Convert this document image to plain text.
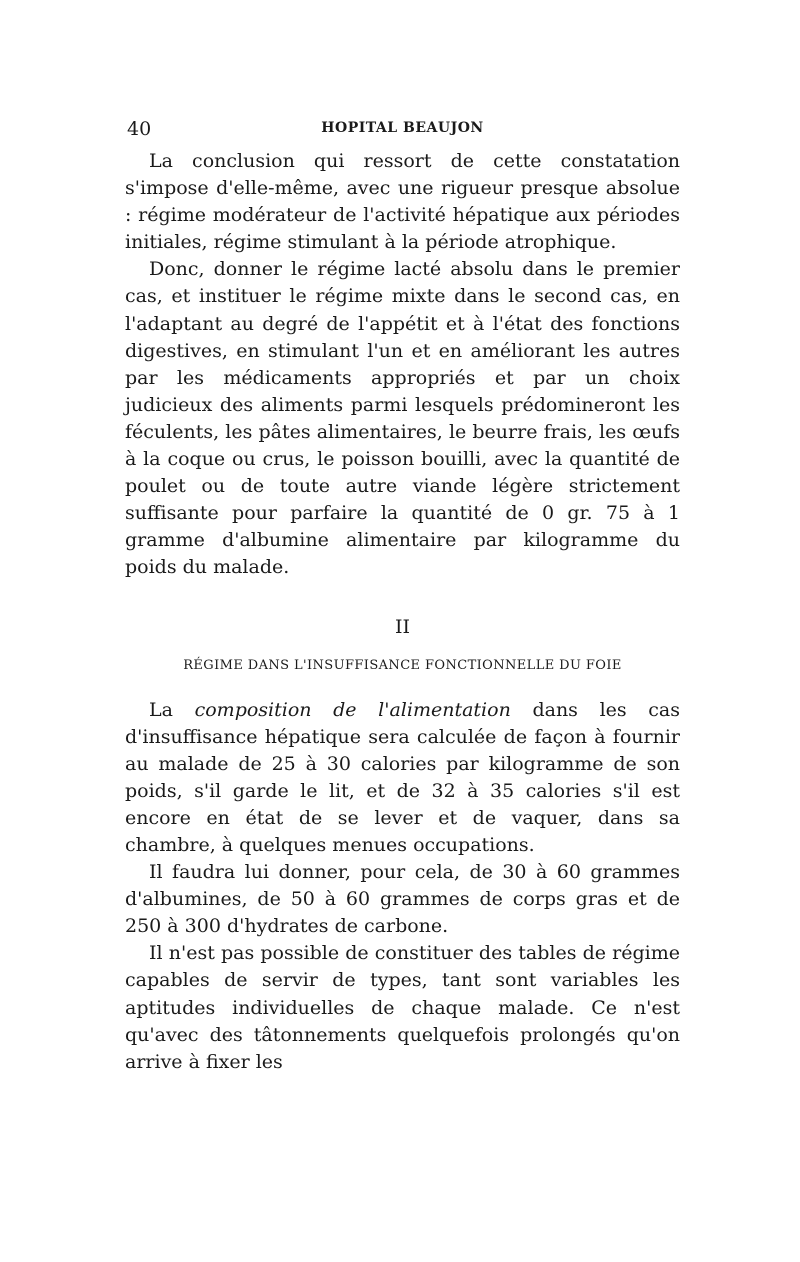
40	HOPITAL BEAUJON

La conclusion qui ressort de cette constatation s'impose d'elle-même, avec une rigueur presque absolue : régime modérateur de l'activité hépatique aux périodes initiales, régime stimulant à la période atrophique.

Donc, donner le régime lacté absolu dans le premier cas, et instituer le régime mixte dans le second cas, en l'adaptant au degré de l'appétit et à l'état des fonctions digestives, en stimulant l'un et en améliorant les autres par les médicaments appropriés et par un choix judicieux des aliments parmi lesquels prédomineront les féculents, les pâtes alimentaires, le beurre frais, les œufs à la coque ou crus, le poisson bouilli, avec la quantité de poulet ou de toute autre viande légère strictement suffisante pour parfaire la quantité de 0 gr. 75 à 1 gramme d'albumine alimentaire par kilogramme du poids du malade.

II
RÉGIME DANS L'INSUFFISANCE FONCTIONNELLE DU FOIE

La composition de l'alimentation dans les cas d'insuffisance hépatique sera calculée de façon à fournir au malade de 25 à 30 calories par kilogramme de son poids, s'il garde le lit, et de 32 à 35 calories s'il est encore en état de se lever et de vaquer, dans sa chambre, à quelques menues occupations.

Il faudra lui donner, pour cela, de 30 à 60 grammes d'albumines, de 50 à 60 grammes de corps gras et de 250 à 300 d'hydrates de carbone.

Il n'est pas possible de constituer des tables de régime capables de servir de types, tant sont variables les aptitudes individuelles de chaque malade. Ce n'est qu'avec des tâtonnements quelquefois prolongés qu'on arrive à fixer les
